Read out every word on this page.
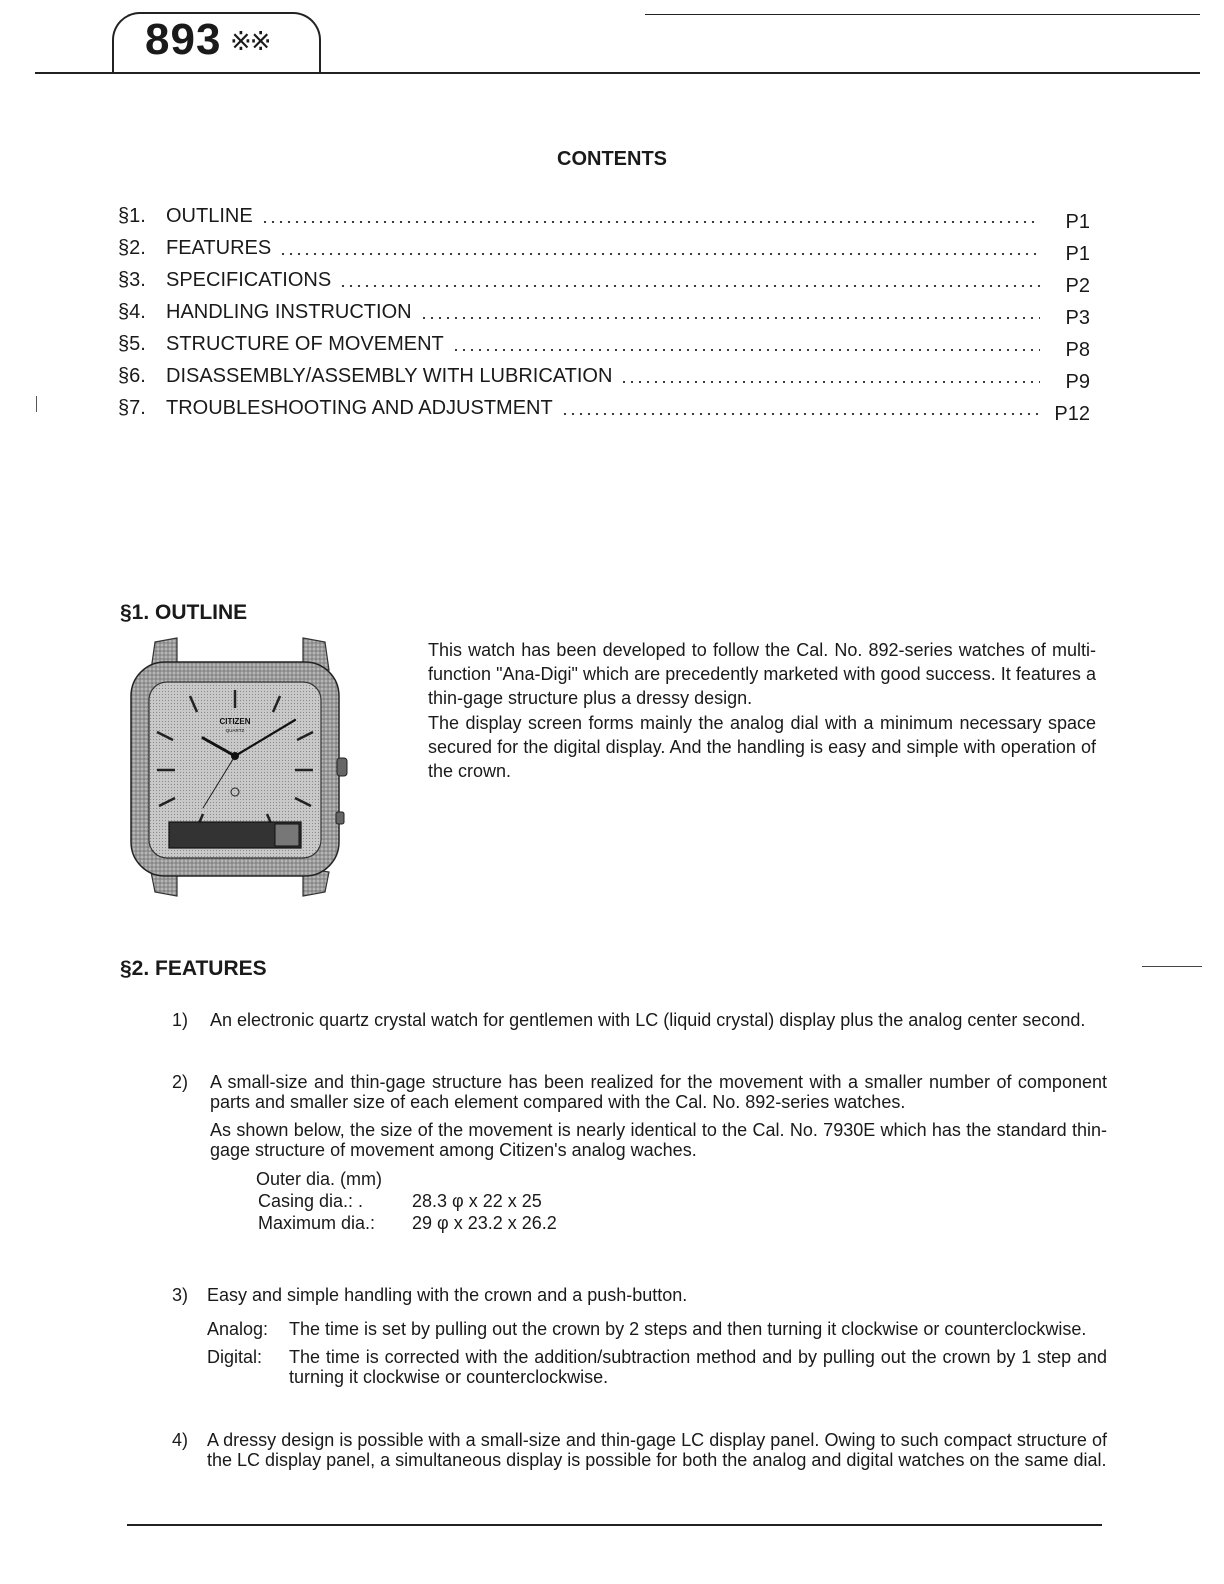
893 ※※
CONTENTS
§1.	OUTLINE	P1
§2.	FEATURES	P1
§3.	SPECIFICATIONS	P2
§4.	HANDLING INSTRUCTION	P3
§5.	STRUCTURE OF MOVEMENT	P8
§6.	DISASSEMBLY/ASSEMBLY WITH LUBRICATION	P9
§7.	TROUBLESHOOTING AND ADJUSTMENT	P12
§1. OUTLINE
CITIZEN
QUARTZ

This watch has been developed to follow the Cal. No. 892-series watches of multi-function "Ana-Digi" which are precedently marketed with good success. It features a thin-gage structure plus a dressy design.

The display screen forms mainly the analog dial with a minimum necessary space secured for the digital display. And the handling is easy and simple with operation of the crown.

§2. FEATURES
1)	An electronic quartz crystal watch for gentlemen with LC (liquid crystal) display plus the analog center second.

2)	A small-size and thin-gage structure has been realized for the movement with a smaller number of component parts and smaller size of each element compared with the Cal. No. 892-series watches.

As shown below, the size of the movement is nearly identical to the Cal. No. 7930E which has the standard thin-gage structure of movement among Citizen's analog waches.

Outer dia. (mm)
Casing dia.: .	28.3 φ x 22 x 25
Maximum dia.:	29 φ x 23.2 x 26.2
3)	Easy and simple handling with the crown and a push-button.

Analog:	The time is set by pulling out the crown by 2 steps and then turning it clockwise or counterclockwise.
Digital:	The time is corrected with the addition/subtraction method and by pulling out the crown by 1 step and turning it clockwise or counterclockwise.
4)	A dressy design is possible with a small-size and thin-gage LC display panel. Owing to such compact structure of the LC display panel, a simultaneous display is possible for both the analog and digital watches on the same dial.
